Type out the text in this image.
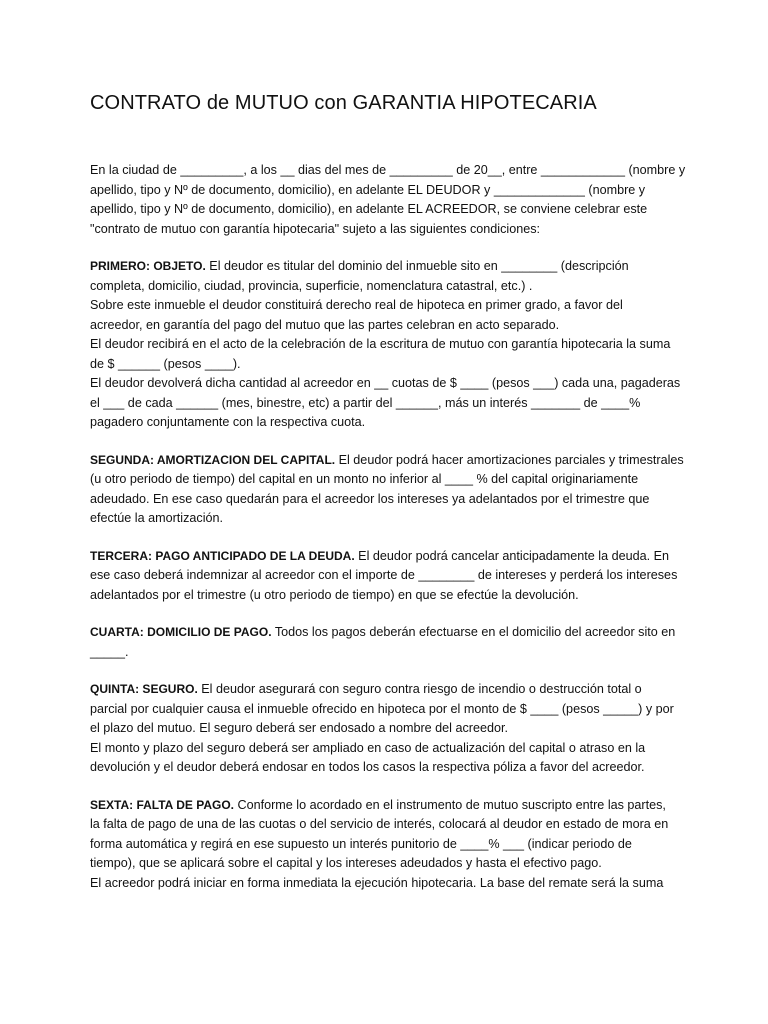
CONTRATO de MUTUO con GARANTIA HIPOTECARIA
En la ciudad de _________, a los __ dias del mes de _________ de 20__, entre ____________ (nombre y
apellido, tipo y Nº de documento, domicilio), en adelante EL DEUDOR y _____________ (nombre y
apellido, tipo y Nº de documento, domicilio), en adelante EL ACREEDOR, se conviene celebrar este
"contrato de mutuo con garantía hipotecaria" sujeto a las siguientes condiciones:
PRIMERO: OBJETO. El deudor es titular del dominio del inmueble sito en ________ (descripción
completa, domicilio, ciudad, provincia, superficie, nomenclatura catastral, etc.) .
Sobre este inmueble el deudor constituirá derecho real de hipoteca en primer grado, a favor del
acreedor, en garantía del pago del mutuo que las partes celebran en acto separado.
El deudor recibirá en el acto de la celebración de la escritura de mutuo con garantía hipotecaria la suma
de $ ______ (pesos ____).
El deudor devolverá dicha cantidad al acreedor en __ cuotas de $ ____ (pesos ___) cada una, pagaderas
el ___ de cada ______ (mes, binestre, etc) a partir del ______, más un interés _______ de ____%
pagadero conjuntamente con la respectiva cuota.
SEGUNDA: AMORTIZACION DEL CAPITAL. El deudor podrá hacer amortizaciones parciales y trimestrales
(u otro periodo de tiempo) del capital en un monto no inferior al ____ % del capital originariamente
adeudado. En ese caso quedarán para el acreedor los intereses ya adelantados por el trimestre que
efectúe la amortización.
TERCERA: PAGO ANTICIPADO DE LA DEUDA. El deudor podrá cancelar anticipadamente la deuda. En
ese caso deberá indemnizar al acreedor con el importe de ________ de intereses y perderá los intereses
adelantados por el trimestre (u otro periodo de tiempo) en que se efectúe la devolución.
CUARTA: DOMICILIO DE PAGO. Todos los pagos deberán efectuarse en el domicilio del acreedor sito en
_____.
QUINTA: SEGURO. El deudor asegurará con seguro contra riesgo de incendio o destrucción total o
parcial por cualquier causa el inmueble ofrecido en hipoteca por el monto de $ ____ (pesos _____) y por
el plazo del mutuo. El seguro deberá ser endosado a nombre del acreedor.
El monto y plazo del seguro deberá ser ampliado en caso de actualización del capital o atraso en la
devolución y el deudor deberá endosar en todos los casos la respectiva póliza a favor del acreedor.
SEXTA: FALTA DE PAGO. Conforme lo acordado en el instrumento de mutuo suscripto entre las partes,
la falta de pago de una de las cuotas o del servicio de interés, colocará al deudor en estado de mora en
forma automática y regirá en ese supuesto un interés punitorio de ____% ___ (indicar periodo de
tiempo), que se aplicará sobre el capital y los intereses adeudados y hasta el efectivo pago.
El acreedor podrá iniciar en forma inmediata la ejecución hipotecaria. La base del remate será la suma
